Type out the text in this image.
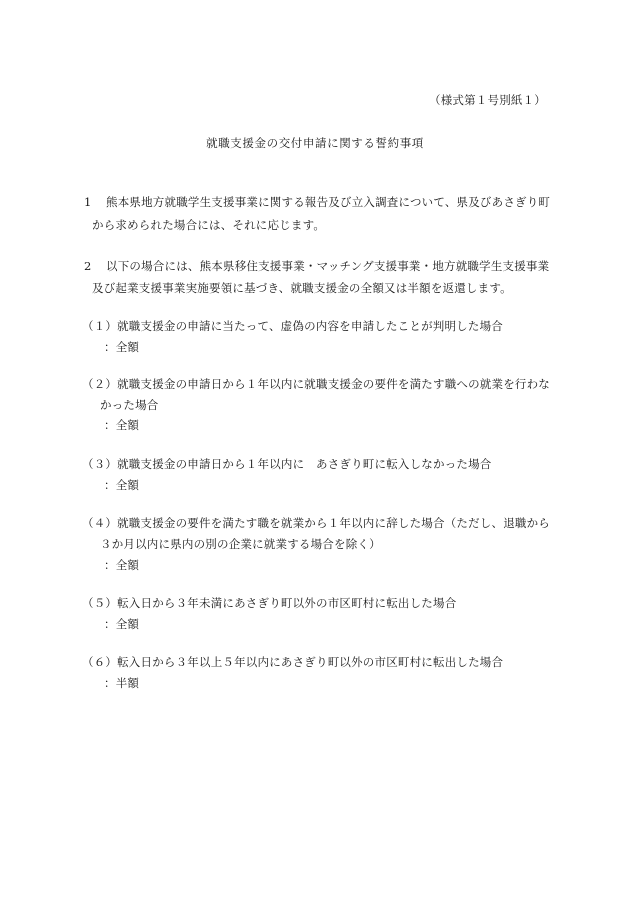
（様式第１号別紙１）
就職支援金の交付申請に関する誓約事項
1 熊本県地方就職学生支援事業に関する報告及び立入調査について、県及びあさぎり町
から求められた場合には、それに応じます。
2 以下の場合には、熊本県移住支援事業・マッチング支援事業・地方就職学生支援事業
及び起業支援事業実施要領に基づき、就職支援金の全額又は半額を返還します。
（１）就職支援金の申請に当たって、虚偽の内容を申請したことが判明した場合
：全額
（２）就職支援金の申請日から１年以内に就職支援金の要件を満たす職への就業を行わな
かった場合
：全額
（３）就職支援金の申請日から１年以内に　あさぎり町に転入しなかった場合
：全額
（４）就職支援金の要件を満たす職を就業から１年以内に辞した場合（ただし、退職から
３か月以内に県内の別の企業に就業する場合を除く）
：全額
（５）転入日から３年未満にあさぎり町以外の市区町村に転出した場合
：全額
（６）転入日から３年以上５年以内にあさぎり町以外の市区町村に転出した場合
：半額
